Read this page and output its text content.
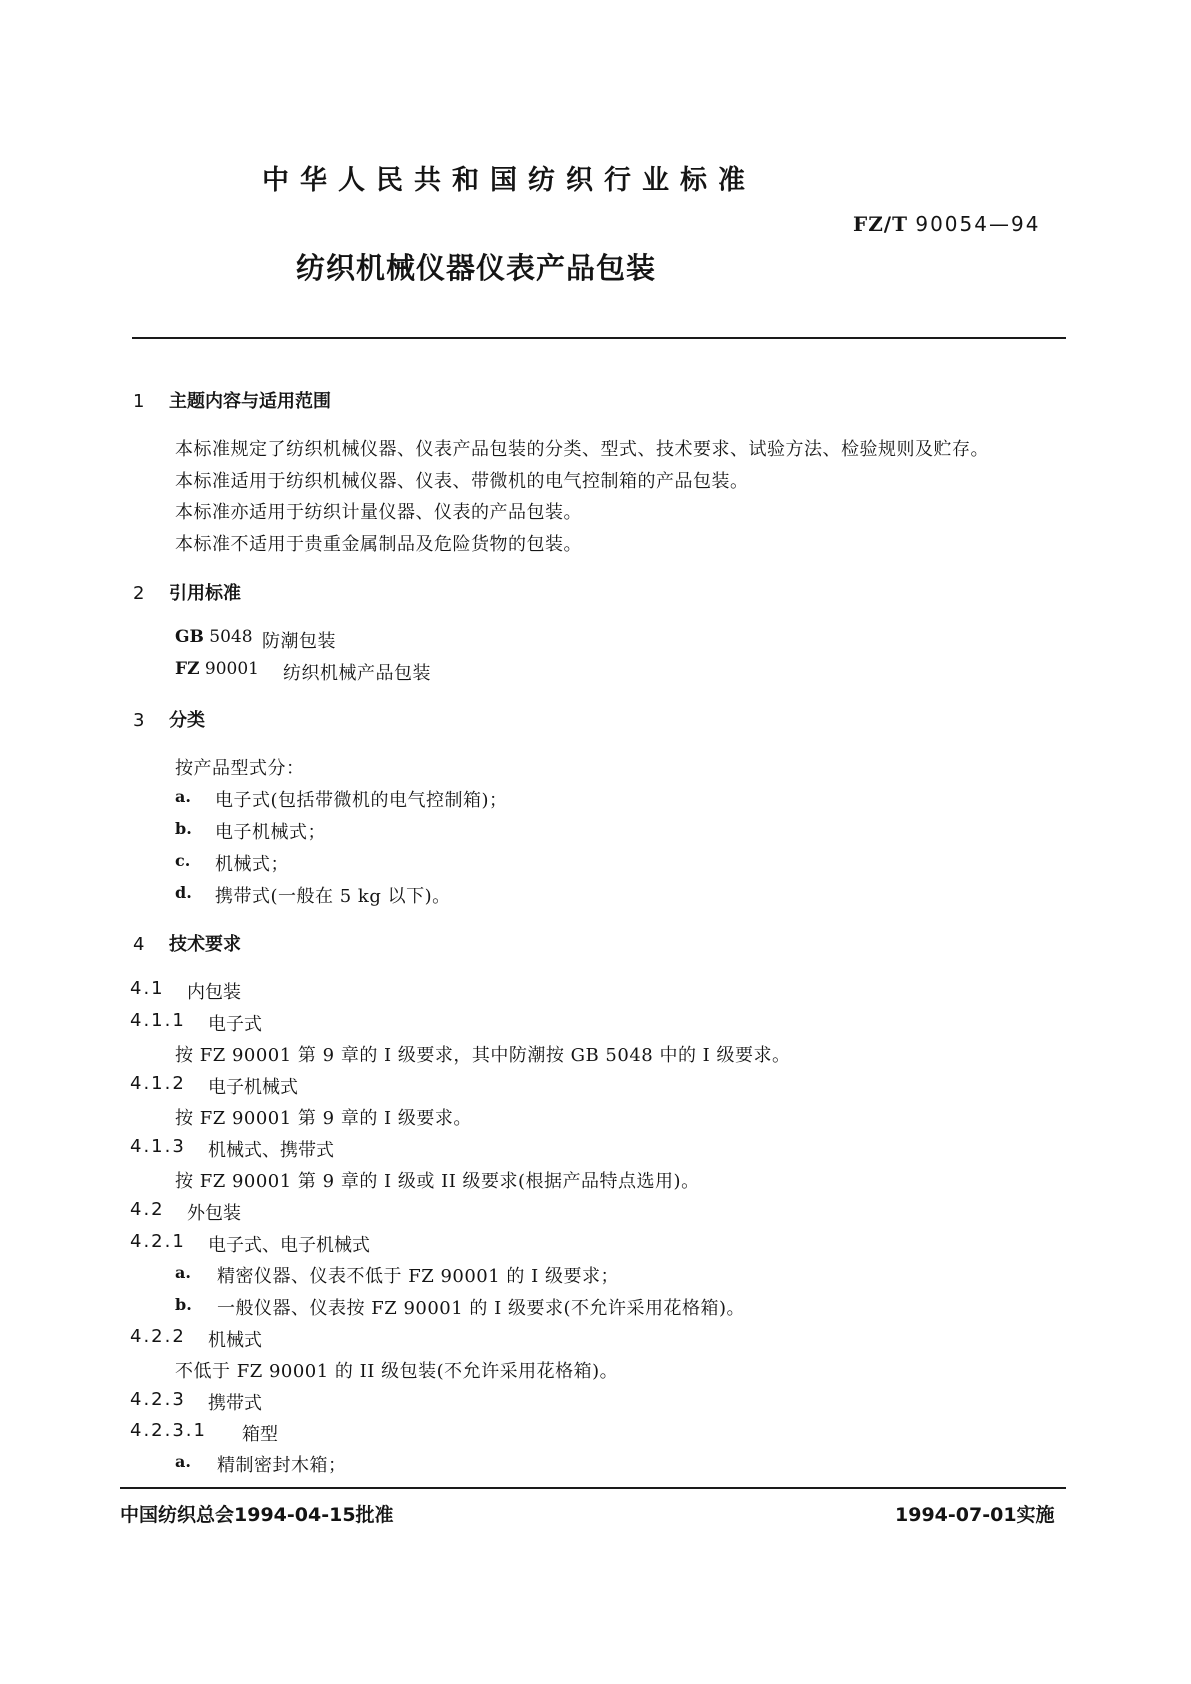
中华人民共和国纺织行业标准
FZ/T 90054—94
纺织机械仪器仪表产品包装
1 主题内容与适用范围
本标准规定了纺织机械仪器、仪表产品包装的分类、型式、技术要求、试验方法、检验规则及贮存。
本标准适用于纺织机械仪器、仪表、带微机的电气控制箱的产品包装。
本标准亦适用于纺织计量仪器、仪表的产品包装。
本标准不适用于贵重金属制品及危险货物的包装。
2 引用标准
GB 5048 防潮包装
FZ 90001 纺织机械产品包装
3 分类
按产品型式分：
a. 电子式(包括带微机的电气控制箱)；
b. 电子机械式；
c. 机械式；
d. 携带式(一般在 5 kg 以下)。
4 技术要求
4.1 内包装
4.1.1 电子式
按 FZ 90001 第 9 章的 I 级要求，其中防潮按 GB 5048 中的 I 级要求。
4.1.2 电子机械式
按 FZ 90001 第 9 章的 I 级要求。
4.1.3 机械式、携带式
按 FZ 90001 第 9 章的 I 级或 II 级要求(根据产品特点选用)。
4.2 外包装
4.2.1 电子式、电子机械式
a. 精密仪器、仪表不低于 FZ 90001 的 I 级要求；
b. 一般仪器、仪表按 FZ 90001 的 I 级要求(不允许采用花格箱)。
4.2.2 机械式
不低于 FZ 90001 的 II 级包装(不允许采用花格箱)。
4.2.3 携带式
4.2.3.1 箱型
a. 精制密封木箱；
中国纺织总会1994-04-15批准	1994-07-01实施
